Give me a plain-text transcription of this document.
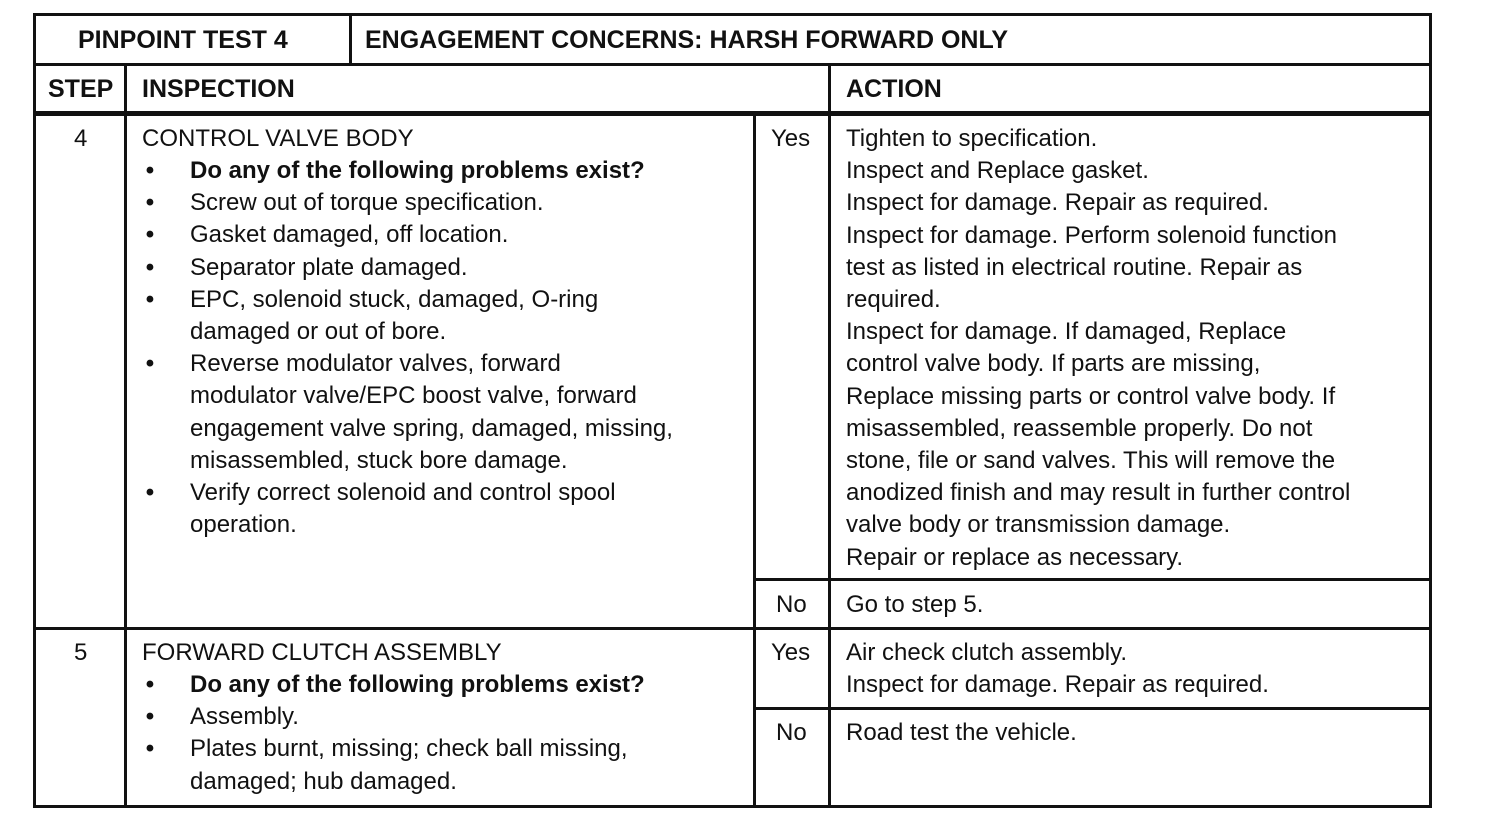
PINPOINT TEST 4	ENGAGEMENT CONCERNS: HARSH FORWARD ONLY
STEP INSPECTION	ACTION
4 CONTROL VALVE BODY
• Do any of the following problems exist?
• Screw out of torque specification.
• Gasket damaged, off location.
• Separator plate damaged.
• EPC, solenoid stuck, damaged, O-ring
damaged or out of bore.
• Reverse modulator valves, forward
modulator valve/EPC boost valve, forward
engagement valve spring, damaged, missing,
misassembled, stuck bore damage.
• Verify correct solenoid and control spool
operation.
Yes Tighten to specification.
Inspect and Replace gasket.
Inspect for damage. Repair as required.
Inspect for damage. Perform solenoid function
test as listed in electrical routine. Repair as
required.
Inspect for damage. If damaged, Replace
control valve body. If parts are missing,
Replace missing parts or control valve body. If
misassembled, reassemble properly. Do not
stone, file or sand valves. This will remove the
anodized finish and may result in further control
valve body or transmission damage.
Repair or replace as necessary.
No Go to step 5.
5 FORWARD CLUTCH ASSEMBLY
• Do any of the following problems exist?
• Assembly.
• Plates burnt, missing; check ball missing,
damaged; hub damaged.
Yes Air check clutch assembly.
Inspect for damage. Repair as required.
No Road test the vehicle.
